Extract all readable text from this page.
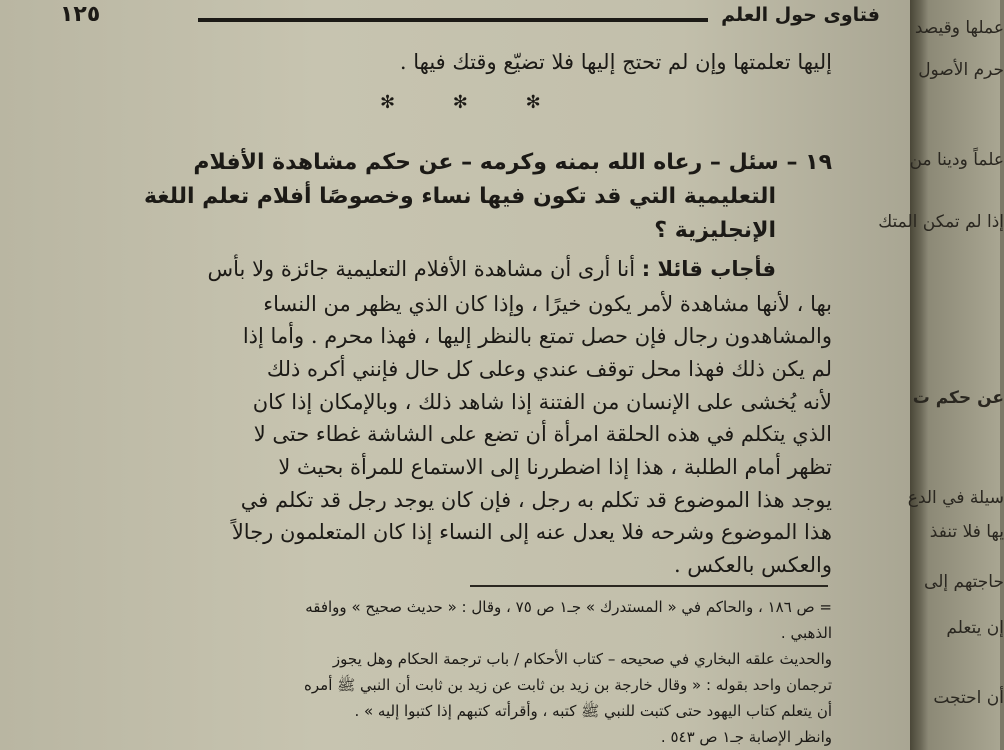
فتاوى حول العلم
١٢٥
إليها تعلمتها وإن لم تحتج إليها فلا تضيّع وقتك فيها .
✻ ✻ ✻
١٩ – سئل – رعاه الله بمنه وكرمه – عن حكم مشاهدة الأفلام
التعليمية التي قد تكون فيها نساء وخصوصًا أفلام تعلم اللغة
الإنجليزية ؟
فأجاب قائلا : أنا أرى أن مشاهدة الأفلام التعليمية جائزة ولا بأس
بها ، لأنها مشاهدة لأمر يكون خيرًا ، وإذا كان الذي يظهر من النساء
والمشاهدون رجال فإن حصل تمتع بالنظر إليها ، فهذا محرم . وأما إذا
لم يكن ذلك فهذا محل توقف عندي وعلى كل حال فإنني أكره ذلك
لأنه يُخشى على الإنسان من الفتنة إذا شاهد ذلك ، وبالإمكان إذا كان
الذي يتكلم في هذه الحلقة امرأة أن تضع على الشاشة غطاء حتى لا
تظهر أمام الطلبة ، هذا إذا اضطررنا إلى الاستماع للمرأة بحيث لا
يوجد هذا الموضوع قد تكلم به رجل ، فإن كان يوجد رجل قد تكلم في
هذا الموضوع وشرحه فلا يعدل عنه إلى النساء إذا كان المتعلمون رجالاً
والعكس بالعكس .
= ص ١٨٦ ، والحاكم في « المستدرك » جـ١ ص ٧٥ ، وقال : « حديث صحيح » ووافقه
الذهبي .
والحديث علقه البخاري في صحيحه – كتاب الأحكام / باب ترجمة الحكام وهل يجوز
ترجمان واحد بقوله : « وقال خارجة بن زيد بن ثابت عن زيد بن ثابت أن النبي ﷺ أمره
أن يتعلم كتاب اليهود حتى كتبت للنبي ﷺ كتبه ، وأقرأته كتبهم إذا كتبوا إليه » .
وانظر الإصابة جـ١ ص ٥٤٣ .
عملها وقيصد
حرم الأصول
علماً ودينا من
إذا لم تمكن المتك
عن حكم ت
سيلة في الدع
يها فلا تنفذ
حاجتهم إلى
إن يتعلم
أن احتجت
